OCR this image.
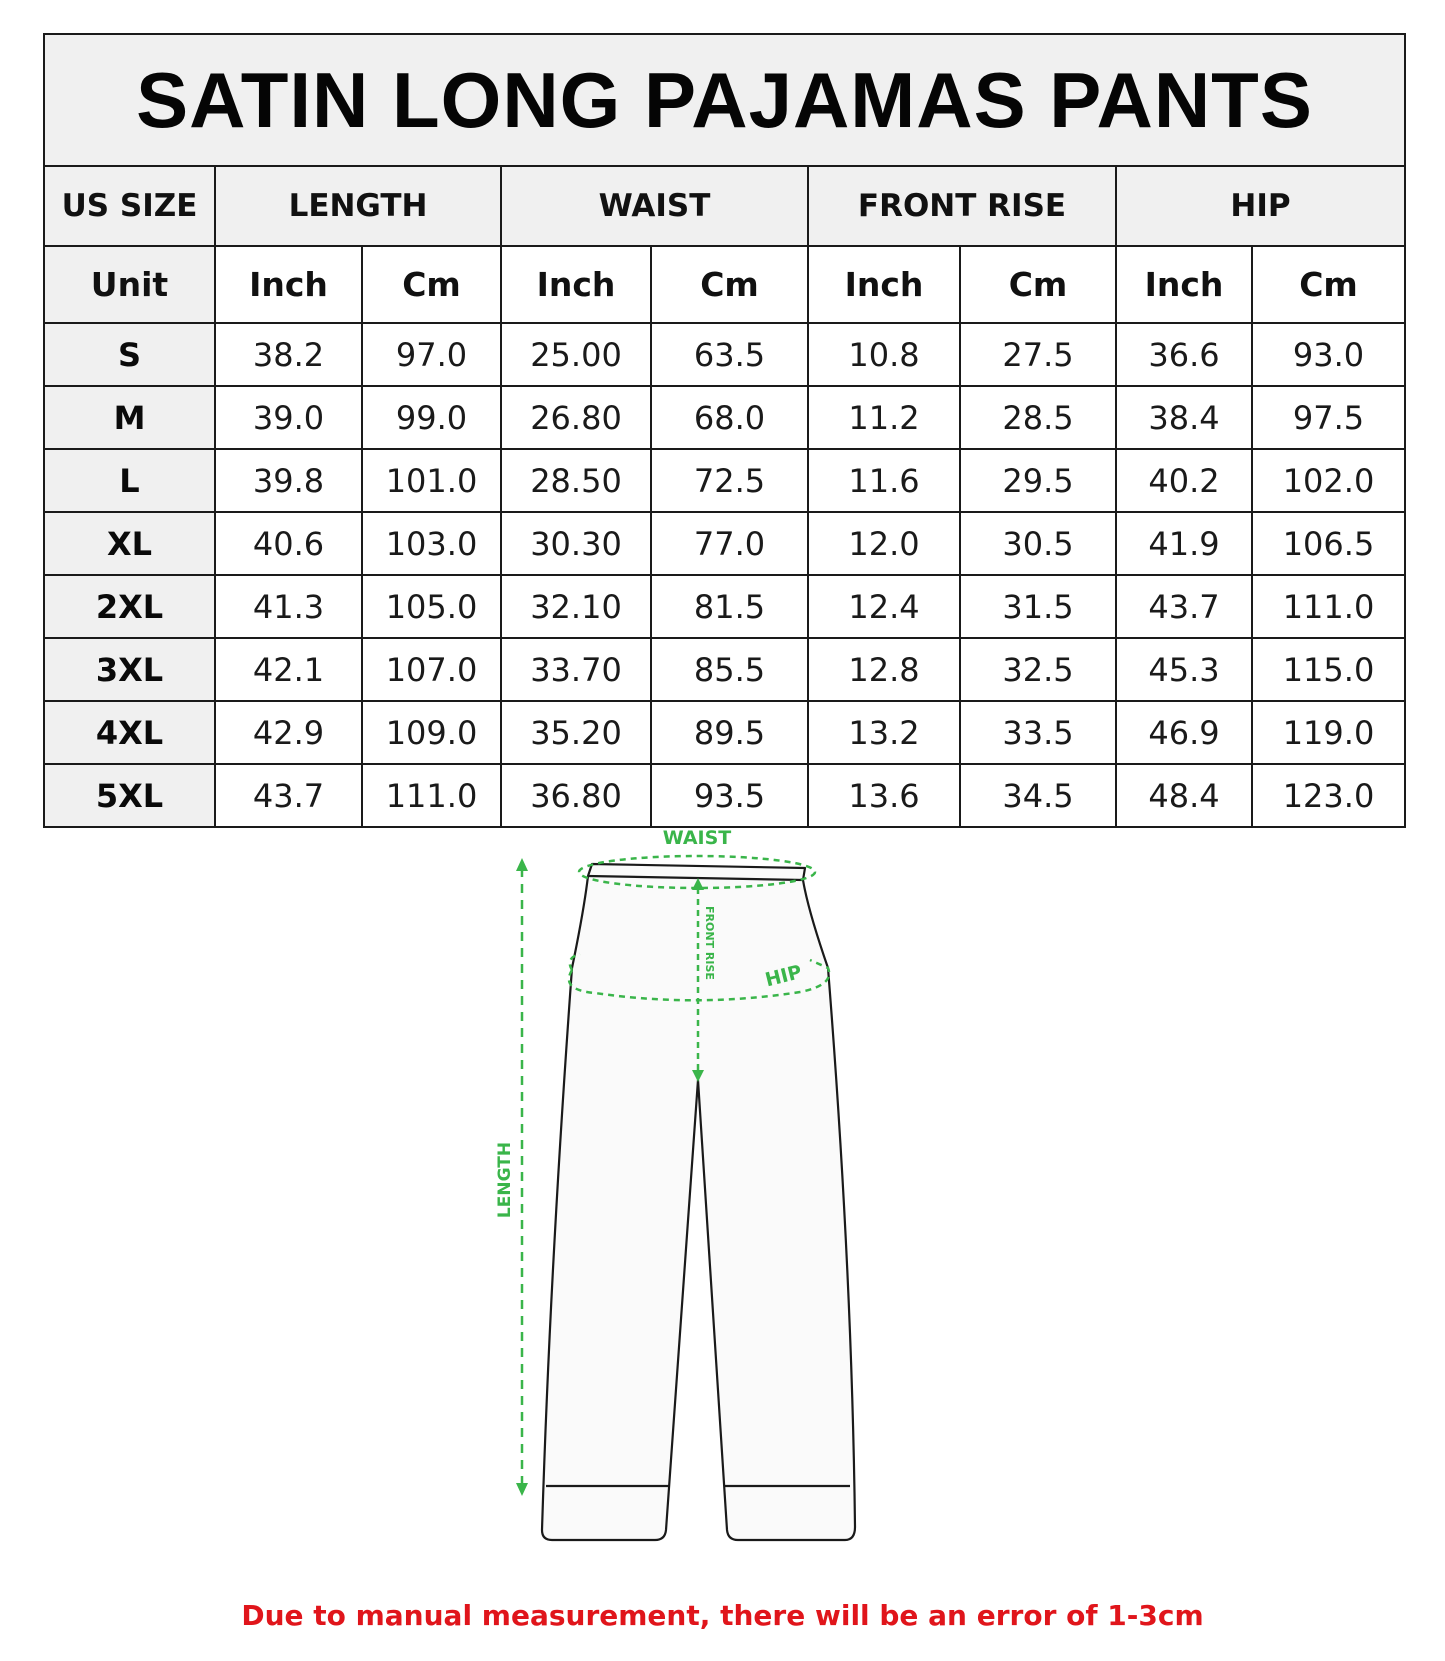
SATIN LONG PAJAMAS PANTS								
US SIZE	LENGTH		WAIST		FRONT RISE		HIP	
Unit	Inch	Cm	Inch	Cm	Inch	Cm	Inch	Cm
S	38.2	97.0	25.00	63.5	10.8	27.5	36.6	93.0
M	39.0	99.0	26.80	68.0	11.2	28.5	38.4	97.5
L	39.8	101.0	28.50	72.5	11.6	29.5	40.2	102.0
XL	40.6	103.0	30.30	77.0	12.0	30.5	41.9	106.5
2XL	41.3	105.0	32.10	81.5	12.4	31.5	43.7	111.0
3XL	42.1	107.0	33.70	85.5	12.8	32.5	45.3	115.0
4XL	42.9	109.0	35.20	89.5	13.2	33.5	46.9	119.0
5XL	43.7	111.0	36.80	93.5	13.6	34.5	48.4	123.0
WAIST
HIP
FRONT RISE
LENGTH
Due to manual measurement, there will be an error of 1-3cm
